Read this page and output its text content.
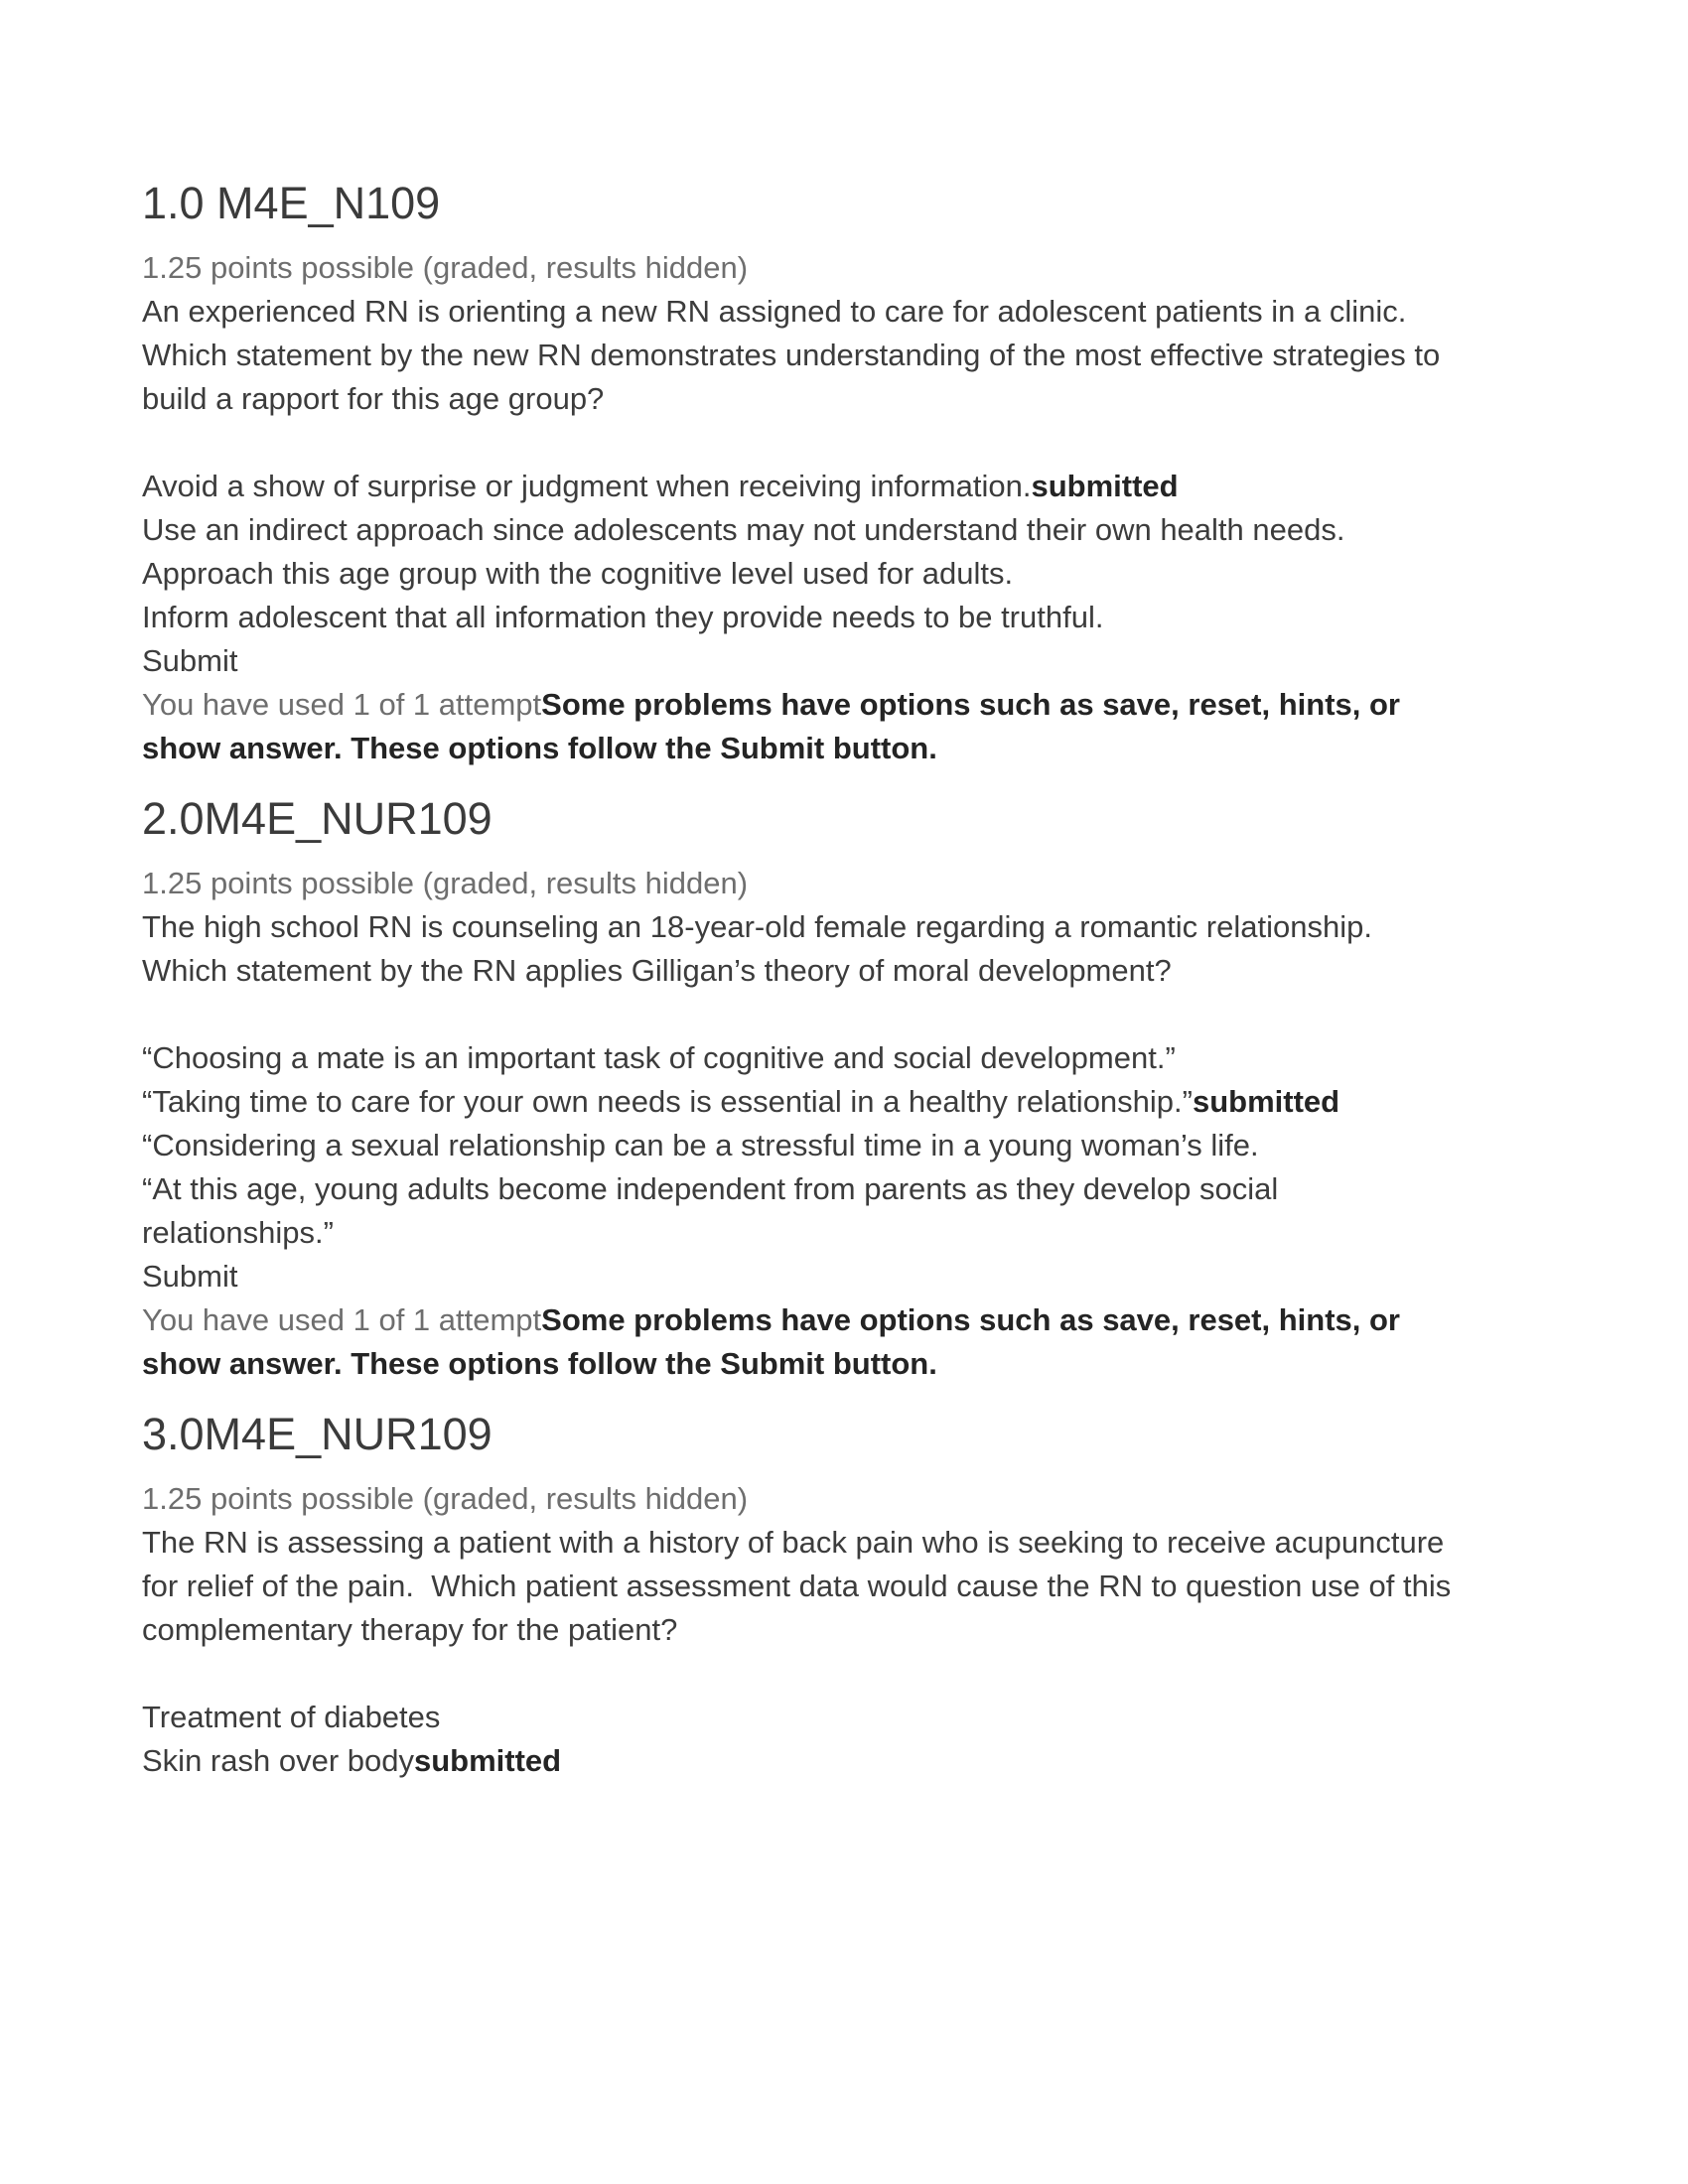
1.0 M4E_N109

1.25 points possible (graded, results hidden)

An experienced RN is orienting a new RN assigned to care for adolescent patients in a clinic. Which statement by the new RN demonstrates understanding of the most effective strategies to build a rapport for this age group?

Avoid a show of surprise or judgment when receiving information.submitted

Use an indirect approach since adolescents may not understand their own health needs.

Approach this age group with the cognitive level used for adults.

Inform adolescent that all information they provide needs to be truthful.

Submit

You have used 1 of 1 attemptSome problems have options such as save, reset, hints, or show answer. These options follow the Submit button.

2.0M4E_NUR109

1.25 points possible (graded, results hidden)

The high school RN is counseling an 18-year-old female regarding a romantic relationship. Which statement by the RN applies Gilligan’s theory of moral development?

“Choosing a mate is an important task of cognitive and social development.”

“Taking time to care for your own needs is essential in a healthy relationship.”submitted

“Considering a sexual relationship can be a stressful time in a young woman’s life.

“At this age, young adults become independent from parents as they develop social relationships.”

Submit

You have used 1 of 1 attemptSome problems have options such as save, reset, hints, or show answer. These options follow the Submit button.

3.0M4E_NUR109

1.25 points possible (graded, results hidden)

The RN is assessing a patient with a history of back pain who is seeking to receive acupuncture for relief of the pain.  Which patient assessment data would cause the RN to question use of this complementary therapy for the patient?

Treatment of diabetes

Skin rash over bodysubmitted
